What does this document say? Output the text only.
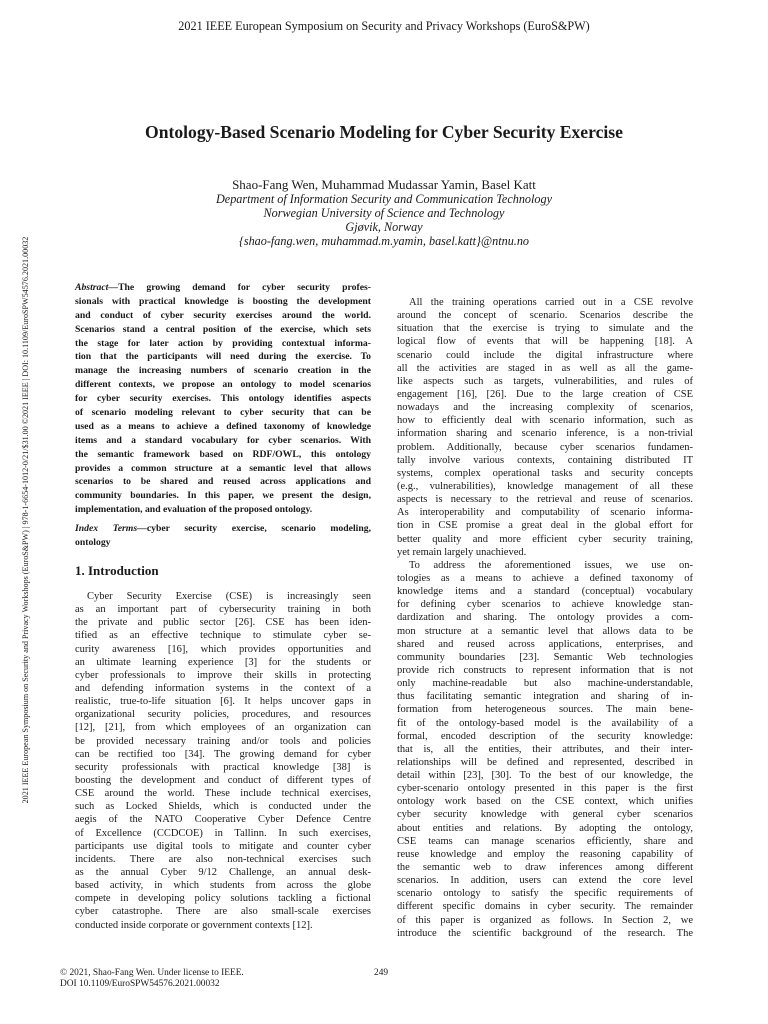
2021 IEEE European Symposium on Security and Privacy Workshops (EuroS&PW)
2021 IEEE European Symposium on Security and Privacy Workshops (EuroS&PW) | 978-1-6654-1012-0/21/$31.00 ©2021 IEEE | DOI: 10.1109/EuroSPW54576.2021.00032
Ontology-Based Scenario Modeling for Cyber Security Exercise
Shao-Fang Wen, Muhammad Mudassar Yamin, Basel Katt
Department of Information Security and Communication Technology
Norwegian University of Science and Technology
Gjøvik, Norway
{shao-fang.wen, muhammad.m.yamin, basel.katt}@ntnu.no
Abstract—The growing demand for cyber security profes-
sionals with practical knowledge is boosting the development
and conduct of cyber security exercises around the world.
Scenarios stand a central position of the exercise, which sets
the stage for later action by providing contextual informa-
tion that the participants will need during the exercise. To
manage the increasing numbers of scenario creation in the
different contexts, we propose an ontology to model scenarios
for cyber security exercises. This ontology identifies aspects
of scenario modeling relevant to cyber security that can be
used as a means to achieve a defined taxonomy of knowledge
items and a standard vocabulary for cyber scenarios. With
the semantic framework based on RDF/OWL, this ontology
provides a common structure at a semantic level that allows
scenarios to be shared and reused across applications and
community boundaries. In this paper, we present the design,
implementation, and evaluation of the proposed ontology.
Index Terms—cyber security exercise, scenario modeling,
ontology
1. Introduction
Cyber Security Exercise (CSE) is increasingly seen
as an important part of cybersecurity training in both
the private and public sector [26]. CSE has been iden-
tified as an effective technique to stimulate cyber se-
curity awareness [16], which provides opportunities and
an ultimate learning experience [3] for the students or
cyber professionals to improve their skills in protecting
and defending information systems in the context of a
realistic, true-to-life situation [6]. It helps uncover gaps in
organizational security policies, procedures, and resources
[12], [21], from which employees of an organization can
be provided necessary training and/or tools and policies
can be rectified too [34]. The growing demand for cyber
security professionals with practical knowledge [38] is
boosting the development and conduct of different types of
CSE around the world. These include technical exercises,
such as Locked Shields, which is conducted under the
aegis of the NATO Cooperative Cyber Defence Centre
of Excellence (CCDCOE) in Tallinn. In such exercises,
participants use digital tools to mitigate and counter cyber
incidents. There are also non-technical exercises such
as the annual Cyber 9/12 Challenge, an annual desk-
based activity, in which students from across the globe
compete in developing policy solutions tackling a fictional
cyber catastrophe. There are also small-scale exercises
conducted inside corporate or government contexts [12].
All the training operations carried out in a CSE revolve
around the concept of scenario. Scenarios describe the
situation that the exercise is trying to simulate and the
logical flow of events that will be happening [18]. A
scenario could include the digital infrastructure where
all the activities are staged in as well as all the game-
like aspects such as targets, vulnerabilities, and rules of
engagement [16], [26]. Due to the large creation of CSE
nowadays and the increasing complexity of scenarios,
how to efficiently deal with scenario information, such as
information sharing and scenario inference, is a non-trivial
problem. Additionally, because cyber scenarios fundamen-
tally involve various contexts, containing distributed IT
systems, complex operational tasks and security concepts
(e.g., vulnerabilities), knowledge management of all these
aspects is necessary to the retrieval and reuse of scenarios.
As interoperability and computability of scenario informa-
tion in CSE promise a great deal in the global effort for
better quality and more efficient cyber security training,
yet remain largely unachieved.
To address the aforementioned issues, we use on-
tologies as a means to achieve a defined taxonomy of
knowledge items and a standard (conceptual) vocabulary
for defining cyber scenarios to achieve knowledge stan-
dardization and sharing. The ontology provides a com-
mon structure at a semantic level that allows data to be
shared and reused across applications, enterprises, and
community boundaries [23]. Semantic Web technologies
provide rich constructs to represent information that is not
only machine-readable but also machine-understandable,
thus facilitating semantic integration and sharing of in-
formation from heterogeneous sources. The main bene-
fit of the ontology-based model is the availability of a
formal, encoded description of the security knowledge:
that is, all the entities, their attributes, and their inter-
relationships will be defined and represented, described in
detail within [23], [30]. To the best of our knowledge, the
cyber-scenario ontology presented in this paper is the first
ontology work based on the CSE context, which unifies
cyber security knowledge with general cyber scenarios
about entities and relations. By adopting the ontology,
CSE teams can manage scenarios efficiently, share and
reuse knowledge and employ the reasoning capability of
the semantic web to draw inferences among different
scenarios. In addition, users can extend the core level
scenario ontology to satisfy the specific requirements of
different specific domains in cyber security. The remainder
of this paper is organized as follows. In Section 2, we
introduce the scientific background of the research. The
© 2021, Shao-Fang Wen. Under license to IEEE.
DOI 10.1109/EuroSPW54576.2021.00032
249
